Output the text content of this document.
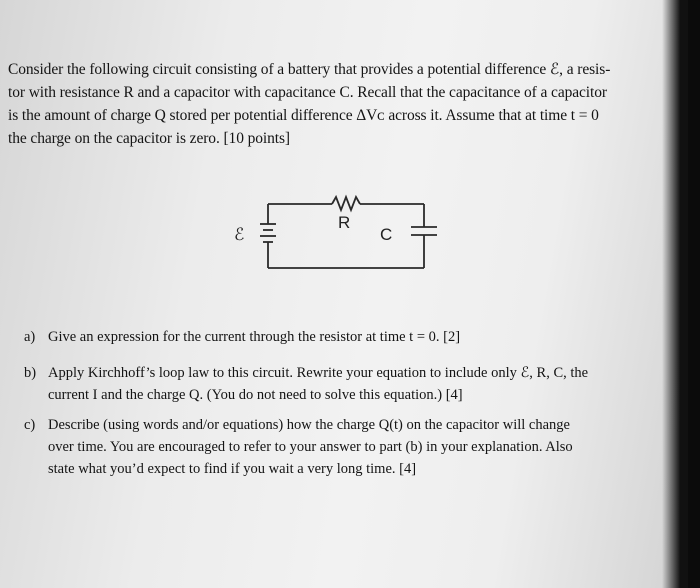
Consider the following circuit consisting of a battery that provides a potential difference ℰ, a resis-
tor with resistance R and a capacitor with capacitance C. Recall that the capacitance of a capacitor
is the amount of charge Q stored per potential difference ΔVᴄ across it. Assume that at time t = 0
the charge on the capacitor is zero. [10 points]
ℰ
R
C
a) Give an expression for the current through the resistor at time t = 0. [2]
b) Apply Kirchhoff’s loop law to this circuit. Rewrite your equation to include only ℰ, R, C, the
current I and the charge Q. (You do not need to solve this equation.) [4]
c) Describe (using words and/or equations) how the charge Q(t) on the capacitor will change
over time. You are encouraged to refer to your answer to part (b) in your explanation. Also
state what you’d expect to find if you wait a very long time. [4]
